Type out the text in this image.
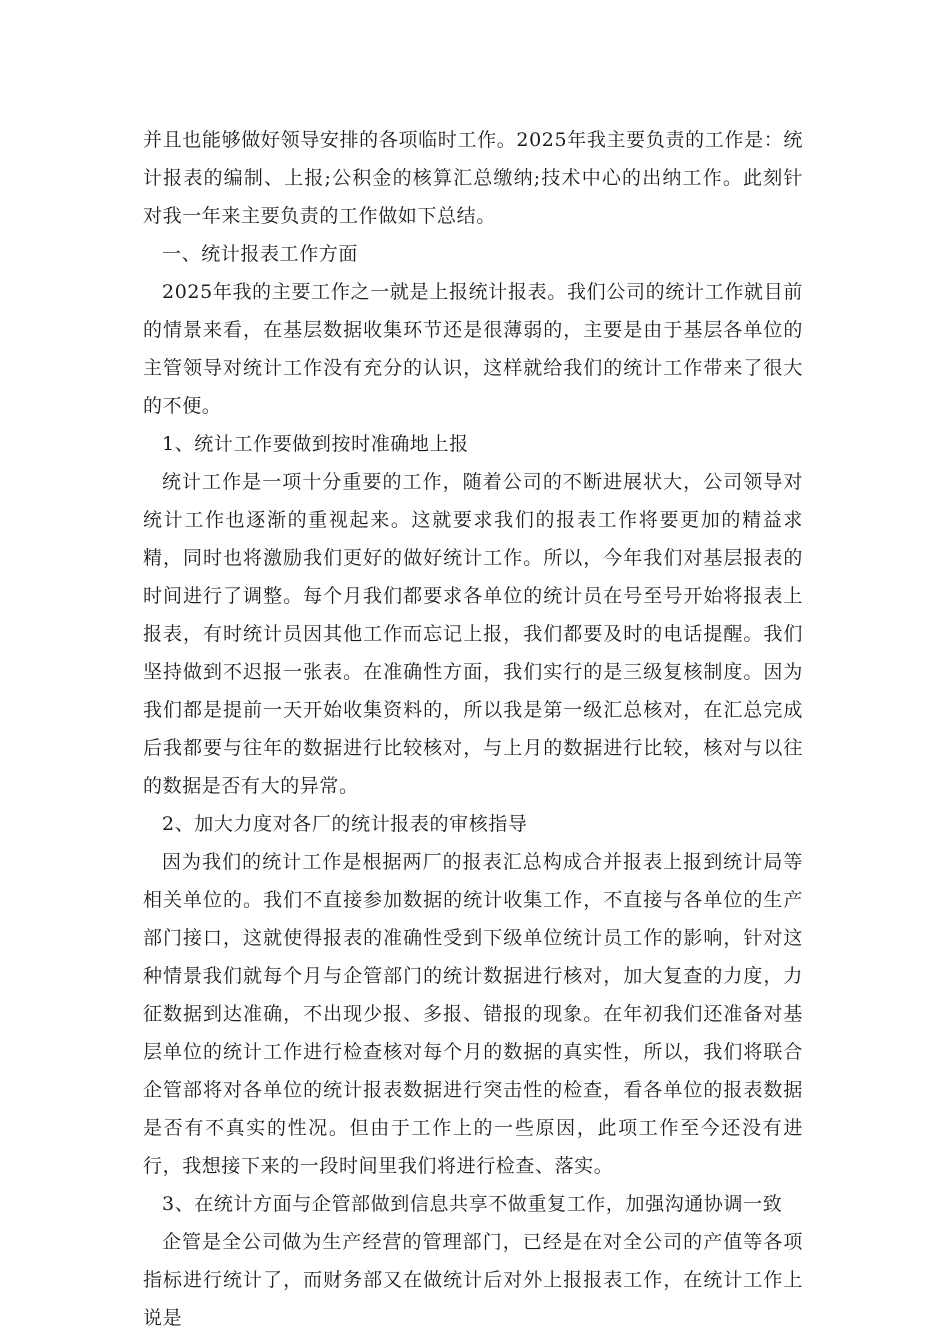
并且也能够做好领导安排的各项临时工作。2025年我主要负责的工作是：统计报表的编制、上报;公积金的核算汇总缴纳;技术中心的出纳工作。此刻针对我一年来主要负责的工作做如下总结。

一、统计报表工作方面

2025年我的主要工作之一就是上报统计报表。我们公司的统计工作就目前的情景来看，在基层数据收集环节还是很薄弱的，主要是由于基层各单位的主管领导对统计工作没有充分的认识，这样就给我们的统计工作带来了很大的不便。

1、统计工作要做到按时准确地上报

统计工作是一项十分重要的工作，随着公司的不断进展状大，公司领导对统计工作也逐渐的重视起来。这就要求我们的报表工作将要更加的精益求精，同时也将激励我们更好的做好统计工作。所以，今年我们对基层报表的时间进行了调整。每个月我们都要求各单位的统计员在号至号开始将报表上报表，有时统计员因其他工作而忘记上报，我们都要及时的电话提醒。我们坚持做到不迟报一张表。在准确性方面，我们实行的是三级复核制度。因为我们都是提前一天开始收集资料的，所以我是第一级汇总核对，在汇总完成后我都要与往年的数据进行比较核对，与上月的数据进行比较，核对与以往的数据是否有大的异常。

2、加大力度对各厂的统计报表的审核指导

因为我们的统计工作是根据两厂的报表汇总构成合并报表上报到统计局等相关单位的。我们不直接参加数据的统计收集工作，不直接与各单位的生产部门接口，这就使得报表的准确性受到下级单位统计员工作的影响，针对这种情景我们就每个月与企管部门的统计数据进行核对，加大复查的力度，力征数据到达准确，不出现少报、多报、错报的现象。在年初我们还准备对基层单位的统计工作进行检查核对每个月的数据的真实性，所以，我们将联合企管部将对各单位的统计报表数据进行突击性的检查，看各单位的报表数据是否有不真实的性况。但由于工作上的一些原因，此项工作至今还没有进行，我想接下来的一段时间里我们将进行检查、落实。

3、在统计方面与企管部做到信息共享不做重复工作，加强沟通协调一致

企管是全公司做为生产经营的管理部门，已经是在对全公司的产值等各项指标进行统计了，而财务部又在做统计后对外上报报表工作，在统计工作上说是
